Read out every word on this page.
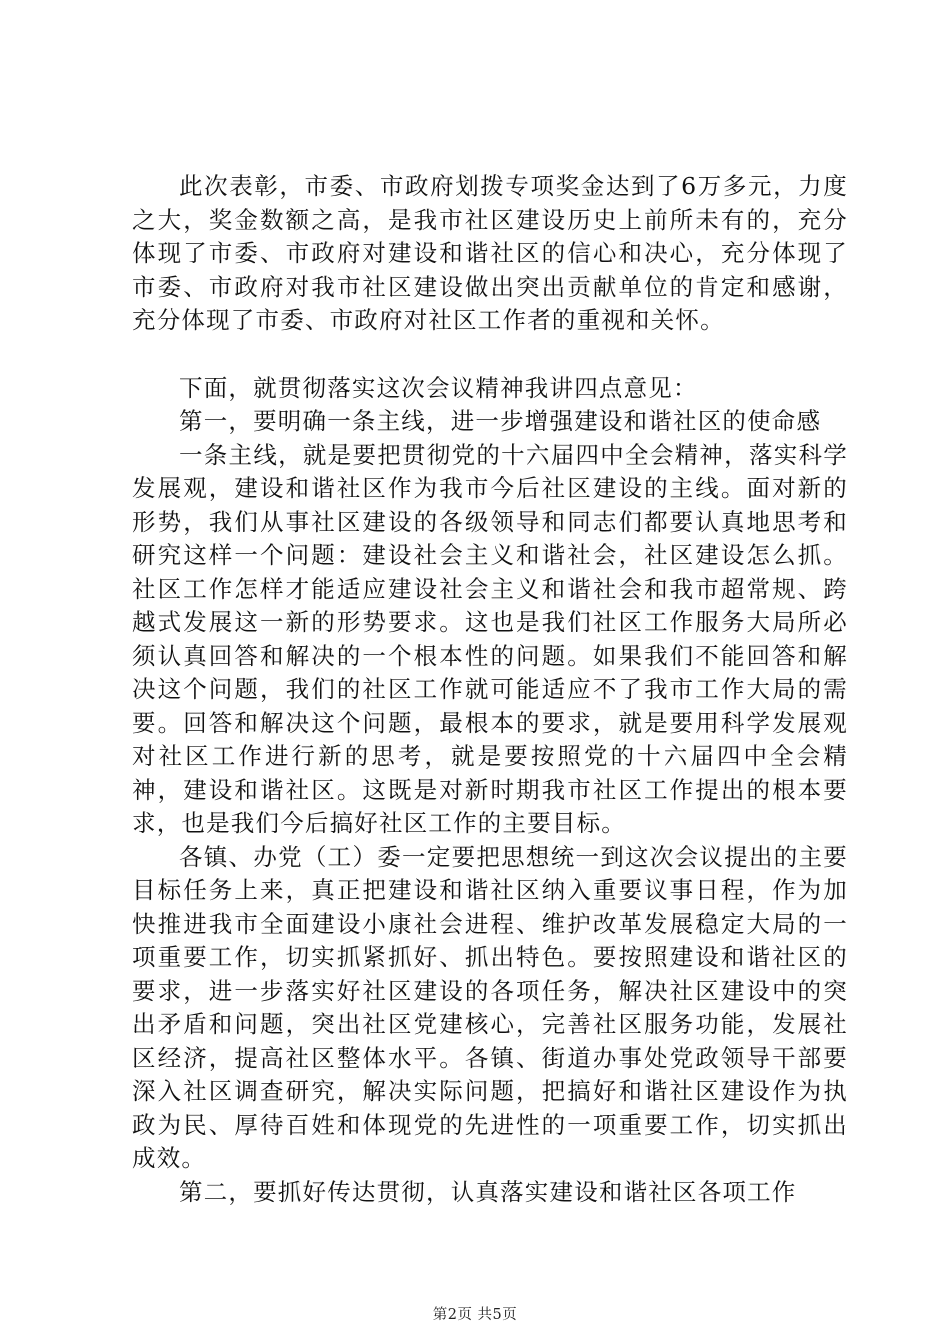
此次表彰，市委、市政府划拨专项奖金达到了6万多元，力度之大，奖金数额之高，是我市社区建设历史上前所未有的，充分体现了市委、市政府对建设和谐社区的信心和决心，充分体现了市委、市政府对我市社区建设做出突出贡献单位的肯定和感谢，充分体现了市委、市政府对社区工作者的重视和关怀。

下面，就贯彻落实这次会议精神我讲四点意见：

第一，要明确一条主线，进一步增强建设和谐社区的使命感

一条主线，就是要把贯彻党的十六届四中全会精神，落实科学发展观，建设和谐社区作为我市今后社区建设的主线。面对新的形势，我们从事社区建设的各级领导和同志们都要认真地思考和研究这样一个问题：建设社会主义和谐社会，社区建设怎么抓。社区工作怎样才能适应建设社会主义和谐社会和我市超常规、跨越式发展这一新的形势要求。这也是我们社区工作服务大局所必须认真回答和解决的一个根本性的问题。如果我们不能回答和解决这个问题，我们的社区工作就可能适应不了我市工作大局的需要。回答和解决这个问题，最根本的要求，就是要用科学发展观对社区工作进行新的思考，就是要按照党的十六届四中全会精神，建设和谐社区。这既是对新时期我市社区工作提出的根本要求，也是我们今后搞好社区工作的主要目标。

各镇、办党（工）委一定要把思想统一到这次会议提出的主要目标任务上来，真正把建设和谐社区纳入重要议事日程，作为加快推进我市全面建设小康社会进程、维护改革发展稳定大局的一项重要工作，切实抓紧抓好、抓出特色。要按照建设和谐社区的要求，进一步落实好社区建设的各项任务，解决社区建设中的突出矛盾和问题，突出社区党建核心，完善社区服务功能，发展社区经济，提高社区整体水平。各镇、街道办事处党政领导干部要深入社区调查研究，解决实际问题，把搞好和谐社区建设作为执政为民、厚待百姓和体现党的先进性的一项重要工作，切实抓出成效。

第二，要抓好传达贯彻，认真落实建设和谐社区各项工作

第2页 共5页
